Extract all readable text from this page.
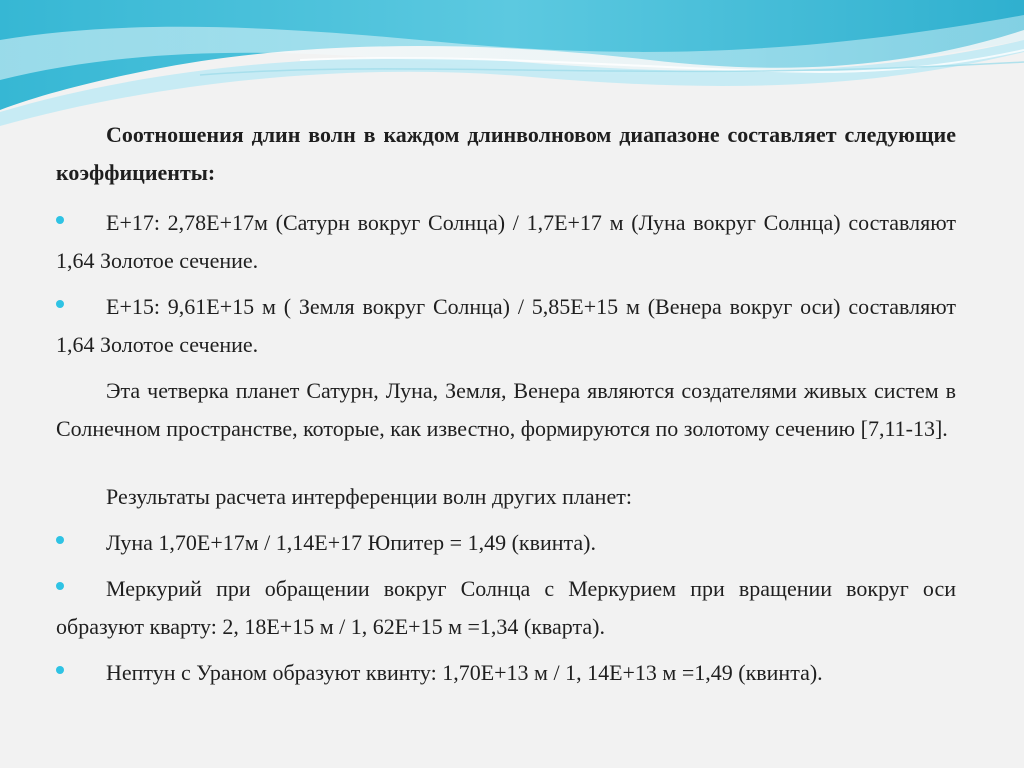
Соотношения длин волн в каждом длинволновом диапазоне составляет следующие коэффициенты:

Е+17: 2,78Е+17м (Сатурн вокруг Солнца) / 1,7Е+17 м (Луна вокруг Солнца) составляют 1,64 Золотое сечение.

Е+15: 9,61Е+15 м ( Земля вокруг Солнца) / 5,85Е+15 м (Венера вокруг оси) составляют 1,64 Золотое сечение.

Эта четверка планет Сатурн, Луна, Земля, Венера являются создателями живых систем в Солнечном пространстве, которые, как известно, формируются по золотому сечению [7,11-13].

Результаты расчета интерференции волн других планет:

Луна 1,70Е+17м / 1,14Е+17 Юпитер = 1,49 (квинта).

Меркурий при обращении вокруг Солнца с Меркурием при вращении вокруг оси образуют кварту: 2, 18Е+15 м / 1, 62Е+15 м =1,34 (кварта).

Нептун с Ураном образуют квинту: 1,70Е+13 м / 1, 14Е+13 м =1,49 (квинта).
